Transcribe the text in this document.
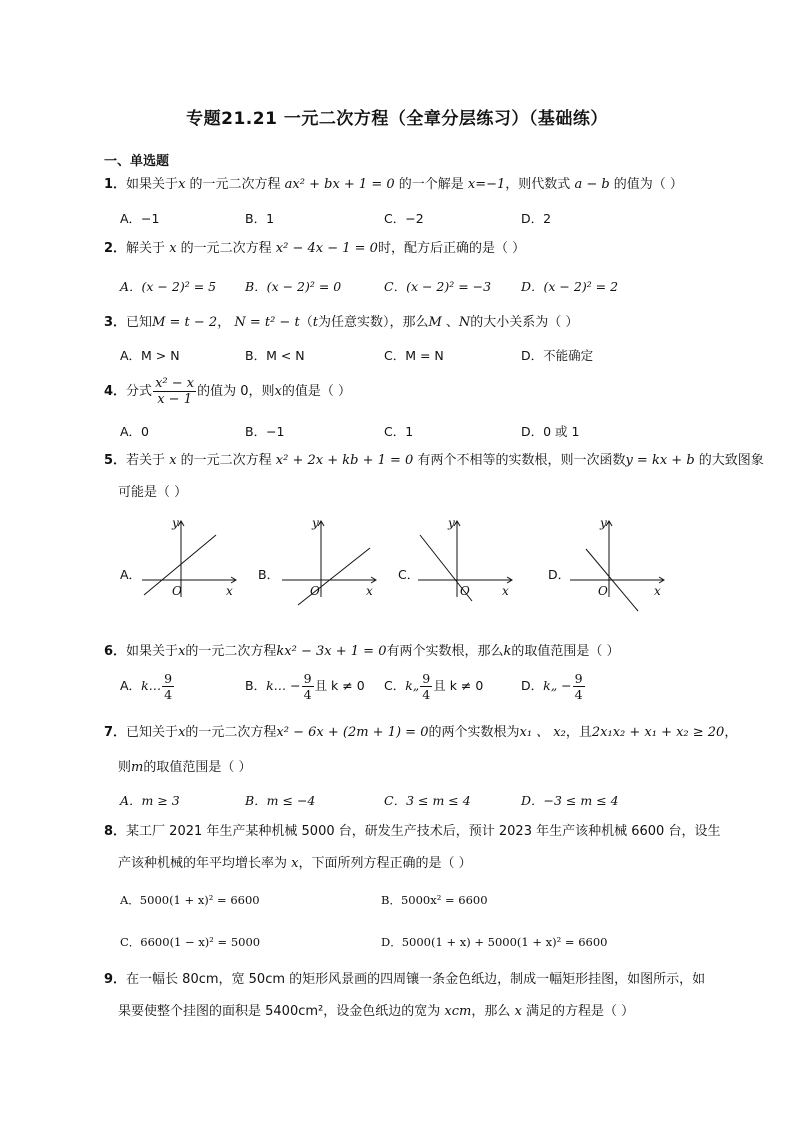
专题21.21 一元二次方程（全章分层练习）（基础练）
一、单选题
1．如果关于x 的一元二次方程 ax² + bx + 1 = 0 的一个解是 x=−1，则代数式 a − b 的值为（ ）
A．−1	B．1	C．−2	D．2
2．解关于 x 的一元二次方程 x² − 4x − 1 = 0时，配方后正确的是（ ）
A．(x − 2)² = 5 B．(x − 2)² = 0	C．(x − 2)² = −3 D．(x − 2)² = 2
3．已知M = t − 2， N = t² − t（t为任意实数），那么M 、N的大小关系为（ ）
A．M > N	B．M < N	C．M = N	D．不能确定
4．分式 $\frac{\text{x² − x}}{x - 1}$ 的值为 0，则x的值是（ ）
A．0	B．−1	C．1	D．0 或 1
5．若关于 x 的一元二次方程 x² + 2x + kb + 1 = 0 有两个不相等的实数根，则一次函数y = kx + b 的大致图象
可能是（ ）
A．	B．	C．	D．
O	x
y
O	x
y
O	x
y
O	x
y
6．如果关于x的一元二次方程kx² − 3x + 1 = 0有两个实数根，那么k的取值范围是（ ）
A．k… $\frac{9}{4}$	B．k… − $\frac{9}{4}$ 且 k ≠ 0 C．k„ $\frac{9}{4}$ 且 k ≠ 0	D．k„ − $\frac{9}{4}$
7．已知关于x的一元二次方程x² − 6x + (2m + 1) = 0的两个实数根为x₁ 、 x₂，且2x₁x₂ + x₁ + x₂ ≥ 20，
则m的取值范围是（ ）
A．m ≥ 3	B．m ≤ −4	C．3 ≤ m ≤ 4	D．−3 ≤ m ≤ 4
8．某工厂 2021 年生产某种机械 5000 台，研发生产技术后，预计 2023 年生产该种机械 6600 台，设生
产该种机械的年平均增长率为 x，下面所列方程正确的是（ ）
A．5000(1 + x)² = 6600	B．5000x² = 6600
C．6600(1 − x)² = 5000	D．5000(1 + x) + 5000(1 + x)² = 6600
9．在一幅长 80cm，宽 50cm 的矩形风景画的四周镶一条金色纸边，制成一幅矩形挂图，如图所示，如
果要使整个挂图的面积是 5400cm²，设金色纸边的宽为 xcm，那么 x 满足的方程是（ ）
